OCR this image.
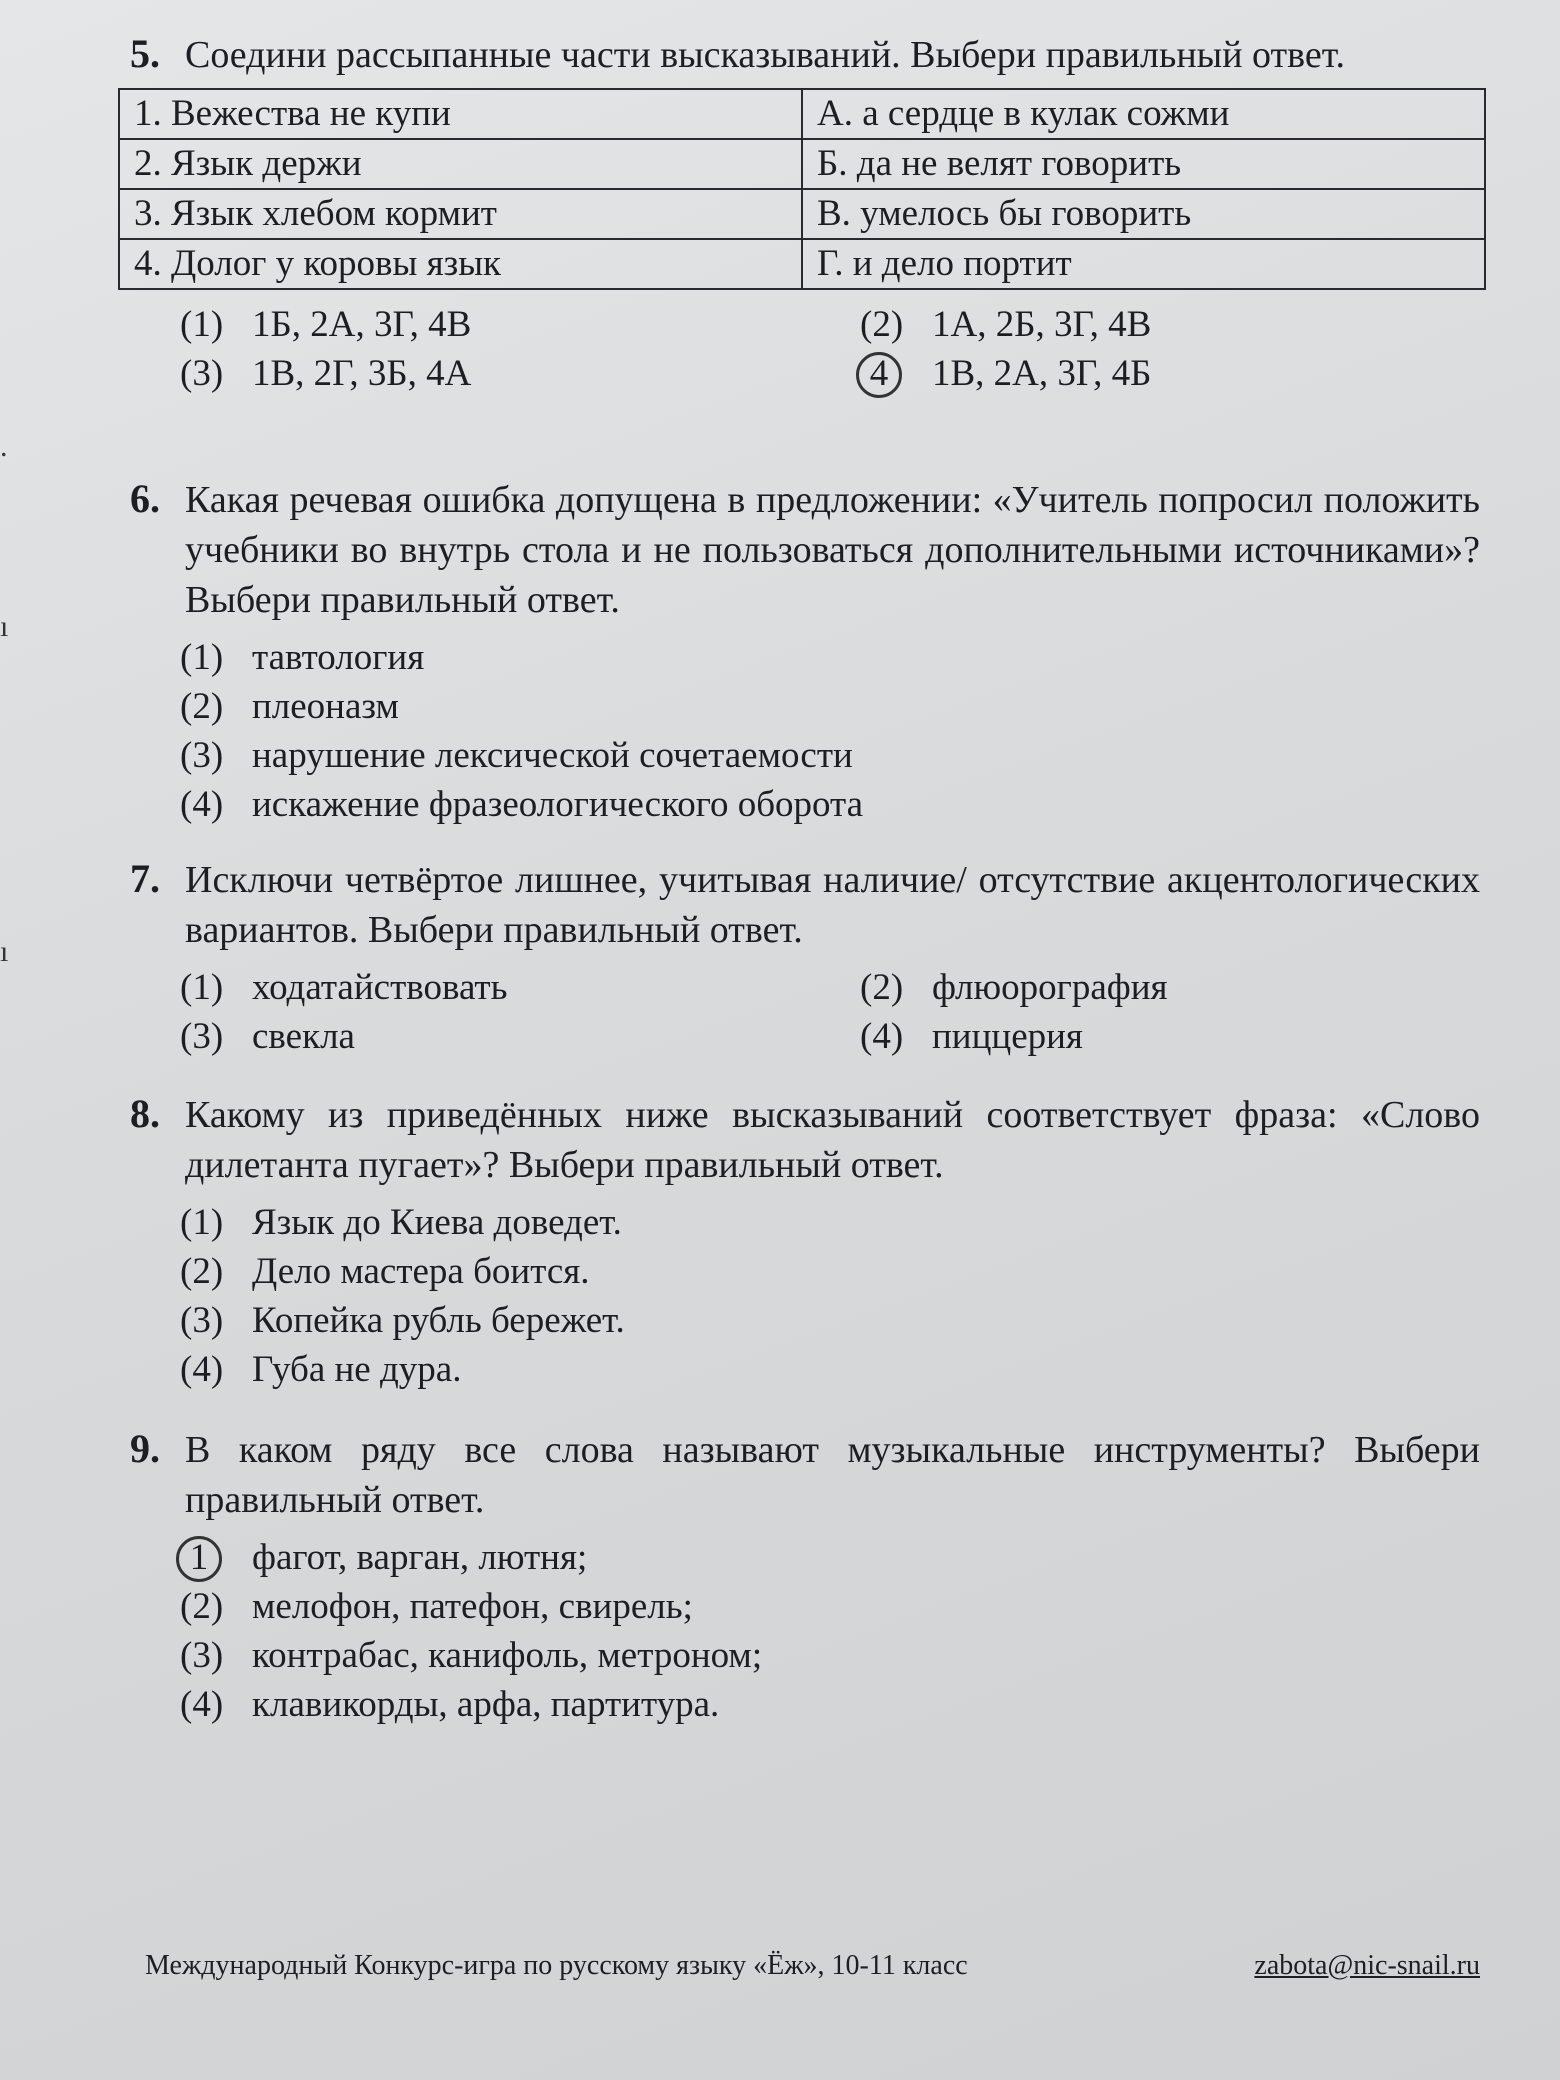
.
ı
ı
5. Соедини рассыпанные части высказываний. Выбери правильный ответ.
1. Вежества не купи	А. а сердце в кулак сожми
2. Язык держи	Б. да не велят говорить
3. Язык хлебом кормит	В. умелось бы говорить
4. Долог у коровы язык	Г. и дело портит
(1) 1Б, 2А, 3Г, 4В	(2) 1А, 2Б, 3Г, 4В
(3) 1В, 2Г, 3Б, 4А	4	1В, 2А, 3Г, 4Б
6. Какая речевая ошибка допущена в предложении: «Учитель попросил положить учебники во внутрь стола и не пользоваться дополнительными источниками»? Выбери правильный ответ.
(1) тавтология
(2) плеоназм
(3) нарушение лексической сочетаемости
(4) искажение фразеологического оборота
7. Исключи четвёртое лишнее, учитывая наличие/ отсутствие акцентологических вариантов. Выбери правильный ответ.
(1) ходатайствовать	(2) флюорография
(3) свекла	(4) пиццерия
8. Какому из приведённых ниже высказываний соответствует фраза: «Слово дилетанта пугает»? Выбери правильный ответ.
(1) Язык до Киева доведет.
(2) Дело мастера боится.
(3) Копейка рубль бережет.
(4) Губа не дура.
9. В каком ряду все слова называют музыкальные инструменты? Выбери правильный ответ.
1	фагот, варган, лютня;
(2) мелофон, патефон, свирель;
(3) контрабас, канифоль, метроном;
(4) клавикорды, арфа, партитура.
Международный Конкурс-игра по русскому языку «Ёж», 10-11 класс	zabota@nic-snail.ru
